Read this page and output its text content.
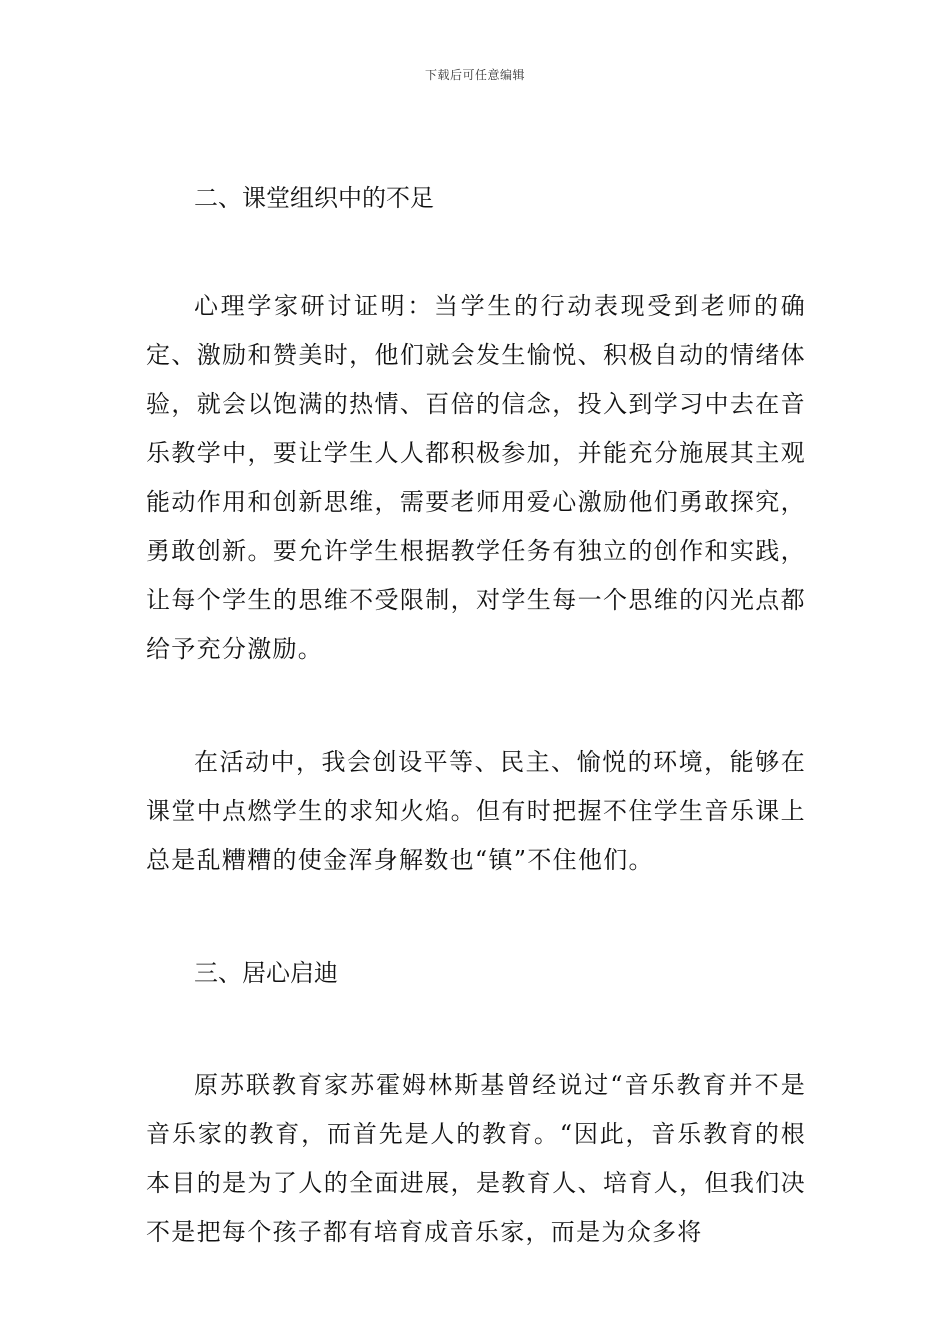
下载后可任意编辑
二、课堂组织中的不足

心理学家研讨证明：当学生的行动表现受到老师的确定、激励和赞美时，他们就会发生愉悦、积极自动的情绪体验，就会以饱满的热情、百倍的信念，投入到学习中去在音乐教学中，要让学生人人都积极参加，并能充分施展其主观能动作用和创新思维，需要老师用爱心激励他们勇敢探究，勇敢创新。要允许学生根据教学任务有独立的创作和实践，让每个学生的思维不受限制，对学生每一个思维的闪光点都给予充分激励。

在活动中，我会创设平等、民主、愉悦的环境，能够在课堂中点燃学生的求知火焰。但有时把握不住学生音乐课上总是乱糟糟的使金浑身解数也“镇”不住他们。

三、居心启迪

原苏联教育家苏霍姆林斯基曾经说过“音乐教育并不是音乐家的教育，而首先是人的教育。“因此，音乐教育的根本目的是为了人的全面进展，是教育人、培育人，但我们决不是把每个孩子都有培育成音乐家，而是为众多将
